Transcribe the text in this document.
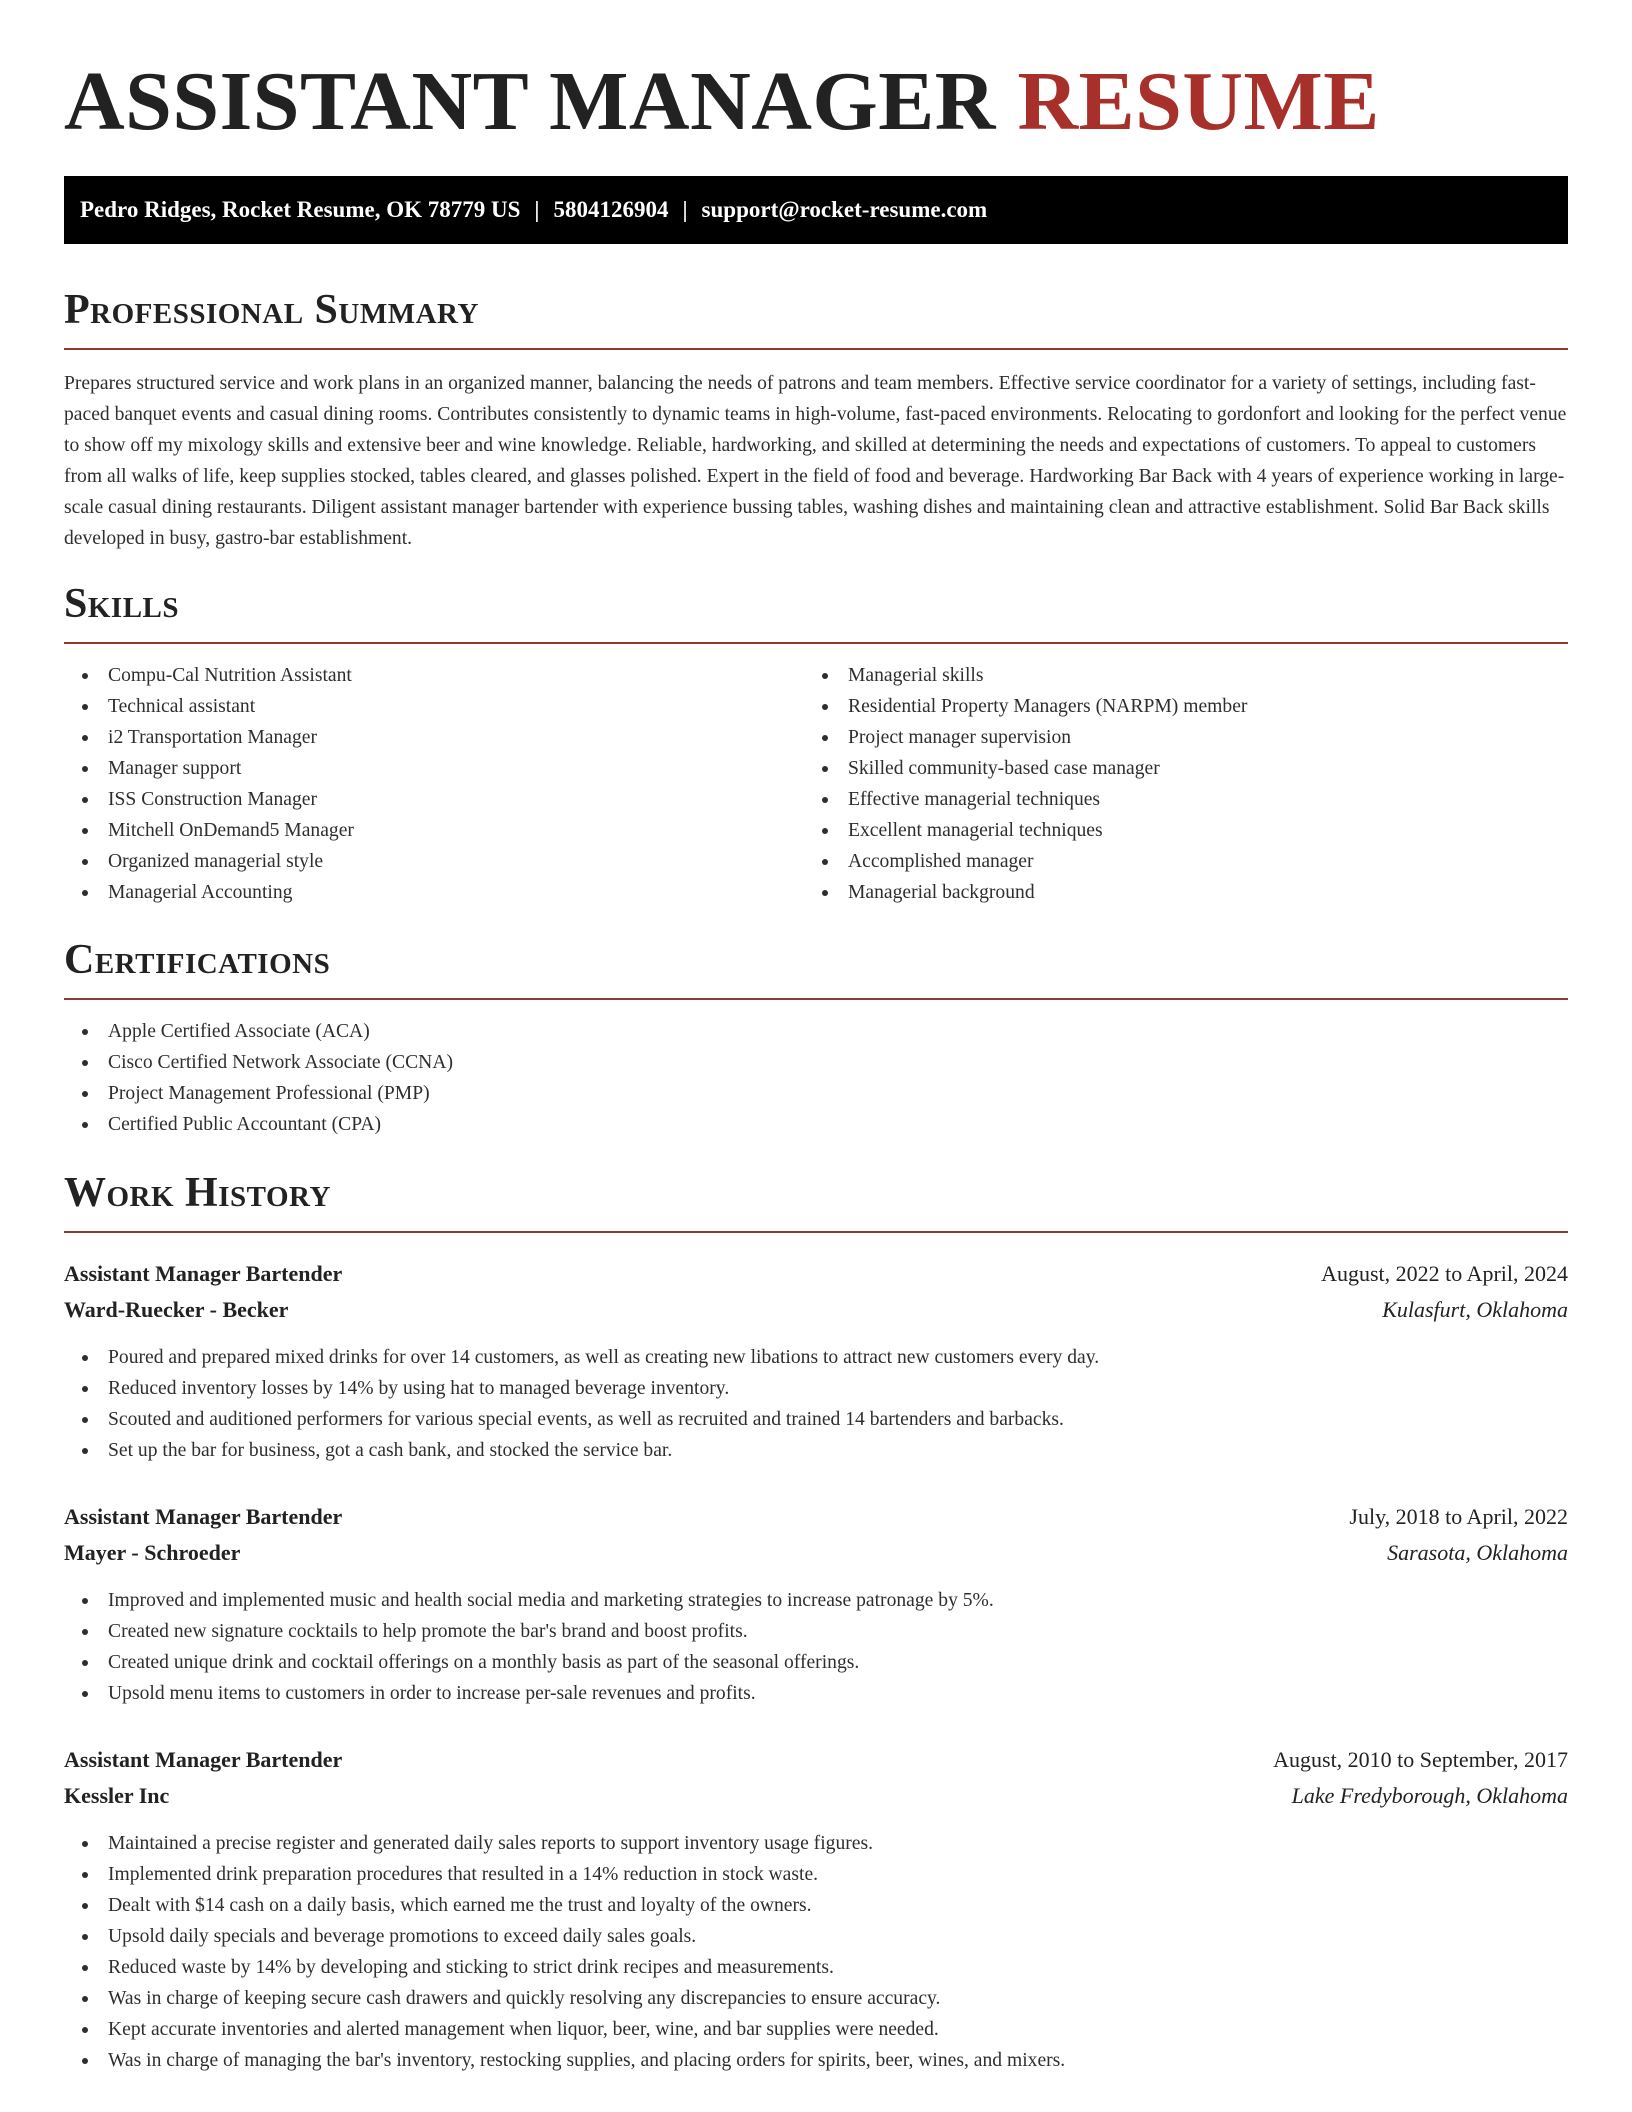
ASSISTANT MANAGER RESUME
Pedro Ridges, Rocket Resume, OK 78779 US | 5804126904 | support@rocket-resume.com
Professional Summary

Prepares structured service and work plans in an organized manner, balancing the needs of patrons and team members. Effective service coordinator for a variety of settings, including fast-paced banquet events and casual dining rooms. Contributes consistently to dynamic teams in high-volume, fast-paced environments. Relocating to gordonfort and looking for the perfect venue to show off my mixology skills and extensive beer and wine knowledge. Reliable, hardworking, and skilled at determining the needs and expectations of customers. To appeal to customers from all walks of life, keep supplies stocked, tables cleared, and glasses polished. Expert in the field of food and beverage. Hardworking Bar Back with 4 years of experience working in large-scale casual dining restaurants. Diligent assistant manager bartender with experience bussing tables, washing dishes and maintaining clean and attractive establishment. Solid Bar Back skills developed in busy, gastro-bar establishment.

Skills
Compu-Cal Nutrition Assistant
Technical assistant
i2 Transportation Manager
Manager support
ISS Construction Manager
Mitchell OnDemand5 Manager
Organized managerial style
Managerial Accounting
Managerial skills
Residential Property Managers (NARPM) member
Project manager supervision
Skilled community-based case manager
Effective managerial techniques
Excellent managerial techniques
Accomplished manager
Managerial background
Certifications
Apple Certified Associate (ACA)
Cisco Certified Network Associate (CCNA)
Project Management Professional (PMP)
Certified Public Accountant (CPA)
Work History
Assistant Manager Bartender	August, 2022 to April, 2024
Ward-Ruecker - Becker	Kulasfurt, Oklahoma
Poured and prepared mixed drinks for over 14 customers, as well as creating new libations to attract new customers every day.
Reduced inventory losses by 14% by using hat to managed beverage inventory.
Scouted and auditioned performers for various special events, as well as recruited and trained 14 bartenders and barbacks.
Set up the bar for business, got a cash bank, and stocked the service bar.
Assistant Manager Bartender	July, 2018 to April, 2022
Mayer - Schroeder	Sarasota, Oklahoma
Improved and implemented music and health social media and marketing strategies to increase patronage by 5%.
Created new signature cocktails to help promote the bar's brand and boost profits.
Created unique drink and cocktail offerings on a monthly basis as part of the seasonal offerings.
Upsold menu items to customers in order to increase per-sale revenues and profits.
Assistant Manager Bartender	August, 2010 to September, 2017
Kessler Inc	Lake Fredyborough, Oklahoma
Maintained a precise register and generated daily sales reports to support inventory usage figures.
Implemented drink preparation procedures that resulted in a 14% reduction in stock waste.
Dealt with $14 cash on a daily basis, which earned me the trust and loyalty of the owners.
Upsold daily specials and beverage promotions to exceed daily sales goals.
Reduced waste by 14% by developing and sticking to strict drink recipes and measurements.
Was in charge of keeping secure cash drawers and quickly resolving any discrepancies to ensure accuracy.
Kept accurate inventories and alerted management when liquor, beer, wine, and bar supplies were needed.
Was in charge of managing the bar's inventory, restocking supplies, and placing orders for spirits, beer, wines, and mixers.
